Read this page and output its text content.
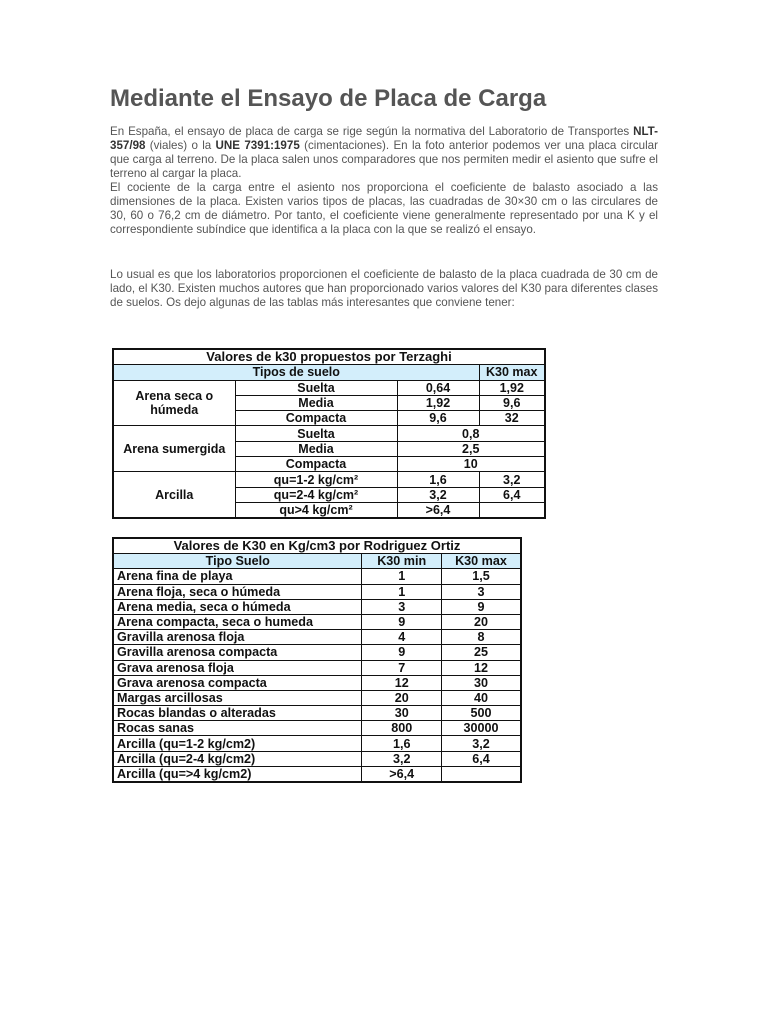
Mediante el Ensayo de Placa de Carga

En España, el ensayo de placa de carga se rige según la normativa del Laboratorio de Transportes NLT-357/98 (viales) o la UNE 7391:1975 (cimentaciones). En la foto anterior podemos ver una placa circular que carga al terreno. De la placa salen unos comparadores que nos permiten medir el asiento que sufre el terreno al cargar la placa.
El cociente de la carga entre el asiento nos proporciona el coeficiente de balasto asociado a las dimensiones de la placa. Existen varios tipos de placas, las cuadradas de 30×30 cm o las circulares de 30, 60 o 76,2 cm de diámetro. Por tanto, el coeficiente viene generalmente representado por una K y el correspondiente subíndice que identifica a la placa con la que se realizó el ensayo.

Lo usual es que los laboratorios proporcionen el coeficiente de balasto de la placa cuadrada de 30 cm de lado, el K30. Existen muchos autores que han proporcionado varios valores del K30 para diferentes clases de suelos. Os dejo algunas de las tablas más interesantes que conviene tener:

Valores de k30 propuestos por Terzaghi			
Tipos de suelo			K30 max
Arena seca o
húmeda	Suelta	0,64	1,92
	Media	1,92	9,6
	Compacta	9,6	32
Arena sumergida	Suelta	0,8	
	Media	2,5	
	Compacta	10	
Arcilla	qu=1-2 kg/cm²	1,6	3,2
	qu=2-4 kg/cm²	3,2	6,4
	qu>4 kg/cm²	>6,4	
Valores de K30 en Kg/cm3 por Rodriguez Ortiz		
Tipo Suelo	K30 min	K30 max
Arena fina de playa	1	1,5
Arena floja, seca o húmeda	1	3
Arena media, seca o húmeda	3	9
Arena compacta, seca o humeda	9	20
Gravilla arenosa floja	4	8
Gravilla arenosa compacta	9	25
Grava arenosa floja	7	12
Grava arenosa compacta	12	30
Margas arcillosas	20	40
Rocas blandas o alteradas	30	500
Rocas sanas	800	30000
Arcilla (qu=1-2 kg/cm2)	1,6	3,2
Arcilla (qu=2-4 kg/cm2)	3,2	6,4
Arcilla (qu=>4 kg/cm2)	>6,4	
